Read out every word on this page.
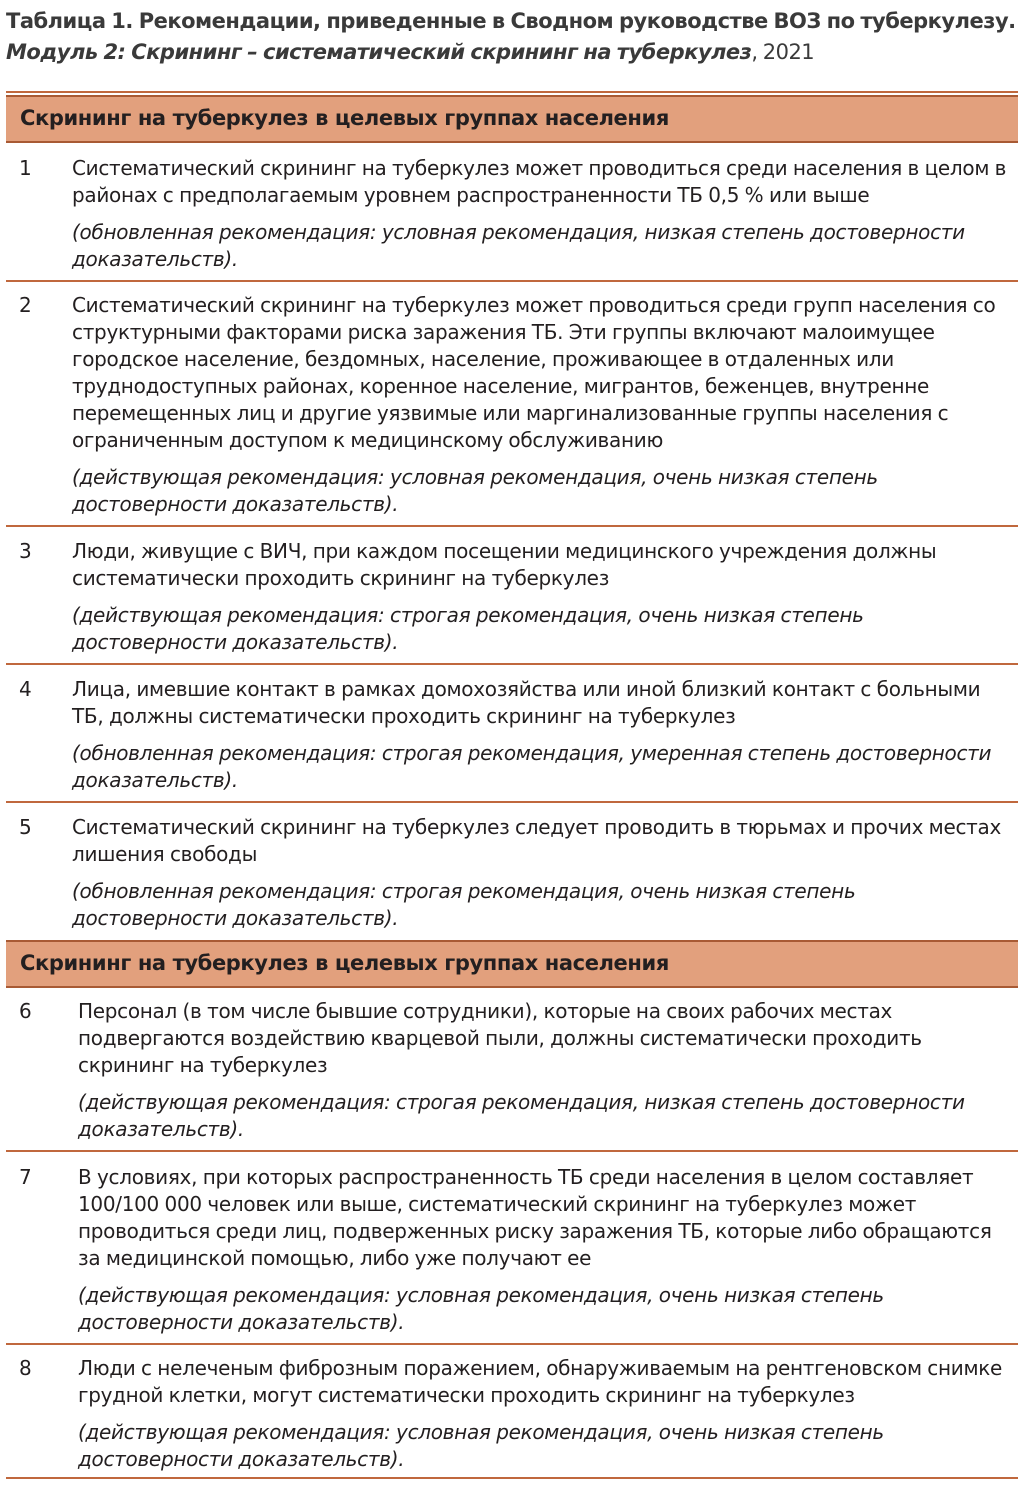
Таблица 1. Рекомендации, приведенные в Сводном руководстве ВОЗ по туберкулезу. Модуль 2: Скрининг – систематический скрининг на туберкулез, 2021
Скрининг на туберкулез в целевых группах населения
1 Систематический скрининг на туберкулез может проводиться среди населения в целом в районах с предполагаемым уровнем распространенности ТБ 0,5 % или выше
(обновленная рекомендация: условная рекомендация, низкая степень достоверности доказательств).
2 Систематический скрининг на туберкулез может проводиться среди групп населения со структурными факторами риска заражения ТБ. Эти группы включают малоимущее городское население, бездомных, население, проживающее в отдаленных или труднодоступных районах, коренное население, мигрантов, беженцев, внутренне перемещенных лиц и другие уязвимые или маргинализованные группы населения с ограниченным доступом к медицинскому обслуживанию
(действующая рекомендация: условная рекомендация, очень низкая степень достоверности доказательств).
3 Люди, живущие с ВИЧ, при каждом посещении медицинского учреждения должны систематически проходить скрининг на туберкулез
(действующая рекомендация: строгая рекомендация, очень низкая степень достоверности доказательств).
4 Лица, имевшие контакт в рамках домохозяйства или иной близкий контакт с больными ТБ, должны систематически проходить скрининг на туберкулез
(обновленная рекомендация: строгая рекомендация, умеренная степень достоверности доказательств).
5 Систематический скрининг на туберкулез следует проводить в тюрьмах и прочих местах лишения свободы
(обновленная рекомендация: строгая рекомендация, очень низкая степень достоверности доказательств).
Скрининг на туберкулез в целевых группах населения
6 Персонал (в том числе бывшие сотрудники), которые на своих рабочих местах подвергаются воздействию кварцевой пыли, должны систематически проходить скрининг на туберкулез
(действующая рекомендация: строгая рекомендация, низкая степень достоверности доказательств).
7 В условиях, при которых распространенность ТБ среди населения в целом составляет 100/100 000 человек или выше, систематический скрининг на туберкулез может проводиться среди лиц, подверженных риску заражения ТБ, которые либо обращаются за медицинской помощью, либо уже получают ее
(действующая рекомендация: условная рекомендация, очень низкая степень достоверности доказательств).
8 Люди с нелеченым фиброзным поражением, обнаруживаемым на рентгеновском снимке грудной клетки, могут систематически проходить скрининг на туберкулез
(действующая рекомендация: условная рекомендация, очень низкая степень достоверности доказательств).
